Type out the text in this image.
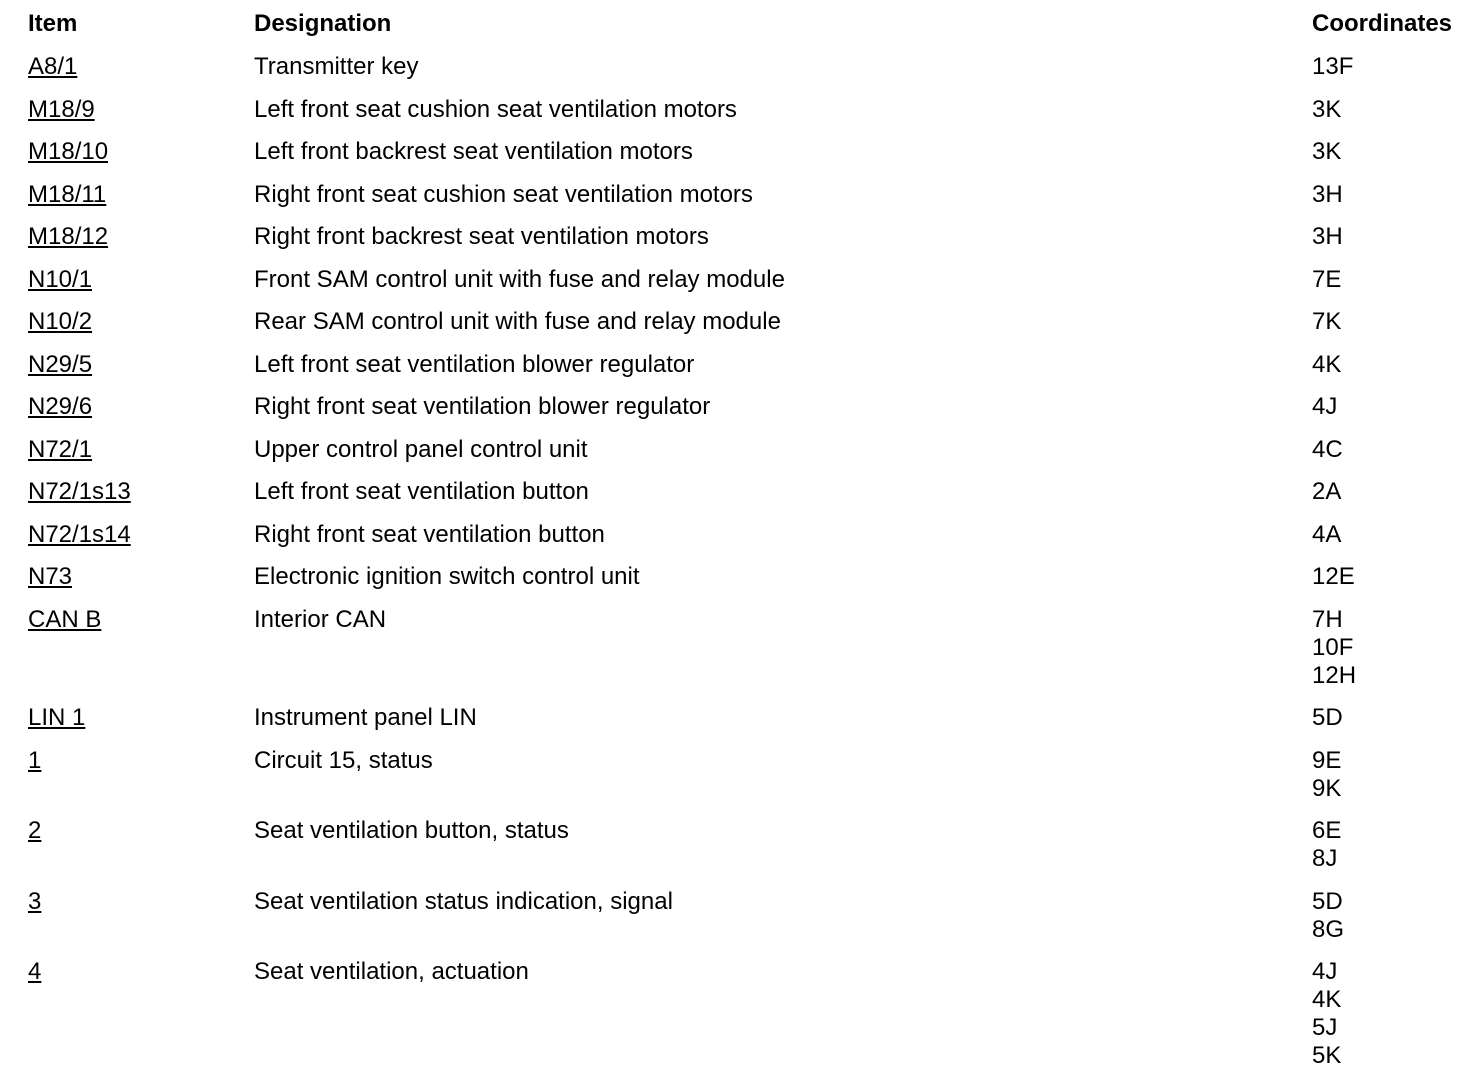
Item	Designation	Coordinates
A8/1	Transmitter key	13F

M18/9	Left front seat cushion seat ventilation motors	3K

M18/10	Left front backrest seat ventilation motors	3K

M18/11	Right front seat cushion seat ventilation motors	3H

M18/12	Right front backrest seat ventilation motors	3H

N10/1	Front SAM control unit with fuse and relay module	7E

N10/2	Rear SAM control unit with fuse and relay module	7K

N29/5	Left front seat ventilation blower regulator	4K

N29/6	Right front seat ventilation blower regulator	4J

N72/1	Upper control panel control unit	4C

N72/1s13	Left front seat ventilation button	2A

N72/1s14	Right front seat ventilation button	4A

N73	Electronic ignition switch control unit	12E

CAN B	Interior CAN	7H
10F
12H

LIN 1	Instrument panel LIN	5D

1	Circuit 15, status	9E
9K

2	Seat ventilation button, status	6E
8J

3	Seat ventilation status indication, signal	5D
8G

4	Seat ventilation, actuation	4J
4K
5J
5K
